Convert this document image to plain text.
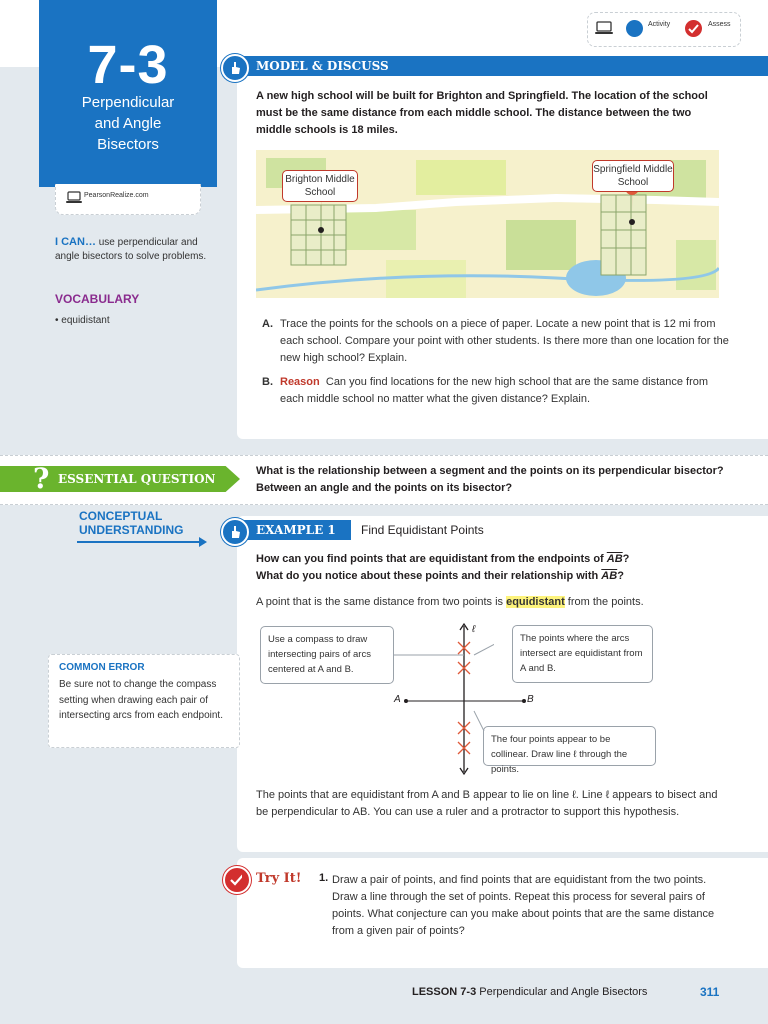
Activity	Assess
7-3
Perpendicular
and Angle
Bisectors
PearsonRealize.com
I CAN… use perpendicular and angle bisectors to solve problems.
VOCABULARY
• equidistant
MODEL & DISCUSS
A new high school will be built for Brighton and Springfield. The location of the school must be the same distance from each middle school. The distance between the two middle schools is 18 miles.
Brighton Middle School
Springfield Middle School
A. Trace the points for the schools on a piece of paper. Locate a new point that is 12 mi from each school. Compare your point with other students. Is there more than one location for the new high school? Explain.
B. Reason Can you find locations for the new high school that are the same distance from each middle school no matter what the given distance? Explain.
? ESSENTIAL QUESTION
What is the relationship between a segment and the points on its perpendicular bisector? Between an angle and the points on its bisector?
CONCEPTUAL UNDERSTANDING	EXAMPLE 1 Find Equidistant Points
How can you find points that are equidistant from the endpoints of $\overline{AB}$?
What do you notice about these points and their relationship with $\overline{AB}$?
A point that is the same distance from two points is equidistant from the points.
A	B
ℓ
Use a compass to draw intersecting pairs of arcs centered at A and B.
The points where the arcs intersect are equidistant from A and B.
The four points appear to be collinear. Draw line ℓ through the points.
The points that are equidistant from A and B appear to lie on line ℓ. Line ℓ appears to bisect and be perpendicular to AB. You can use a ruler and a protractor to support this hypothesis.
COMMON ERROR
Be sure not to change the compass setting when drawing each pair of intersecting arcs from each endpoint.
Try It! 1. Draw a pair of points, and find points that are equidistant from the two points. Draw a line through the set of points. Repeat this process for several pairs of points. What conjecture can you make about points that are the same distance from a given pair of points?
LESSON 7-3 Perpendicular and Angle Bisectors	311
